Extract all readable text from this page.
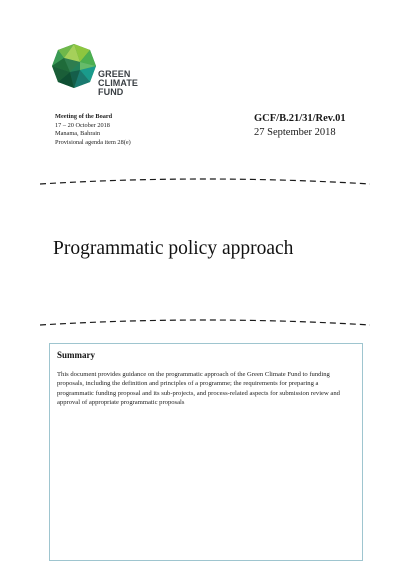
GREEN
CLIMATE
FUND
Meeting of the Board
17 – 20 October 2018
Manama, Bahrain
Provisional agenda item 28(e)
GCF/B.21/31/Rev.01
27 September 2018
Programmatic policy approach
Summary

This document provides guidance on the programmatic approach of the Green Climate Fund to funding proposals, including the definition and principles of a programme; the requirements for preparing a programmatic funding proposal and its sub-projects, and process-related aspects for submission review and approval of appropriate programmatic proposals
